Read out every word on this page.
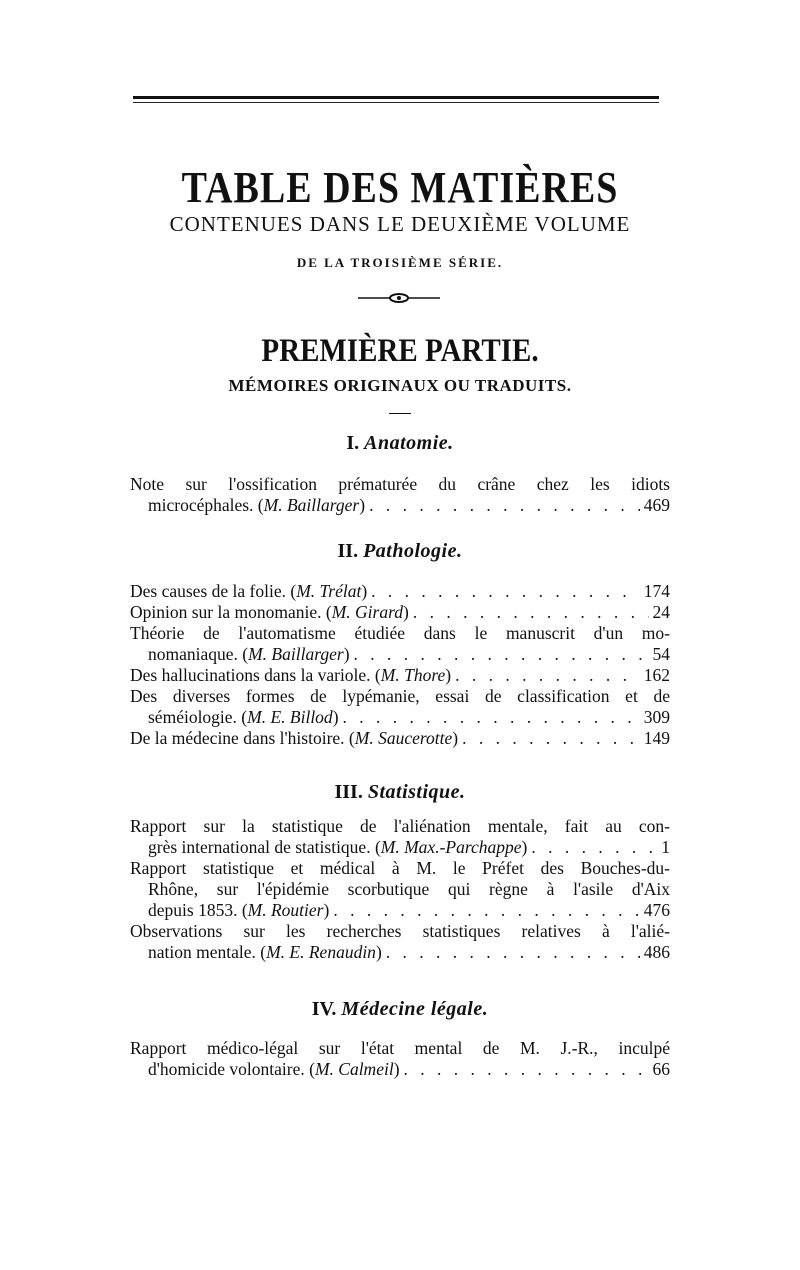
TABLE DES MATIÈRES
CONTENUES DANS LE DEUXIÈME VOLUME
DE LA TROISIÈME SÉRIE.
PREMIÈRE PARTIE.
MÉMOIRES ORIGINAUX OU TRADUITS.
I. Anatomie.
Note sur l'ossification prématurée du crâne chez les idiots
microcéphales. (M. Baillarger) . . .	469
II. Pathologie.
Des causes de la folie. (M. Trélat) . . .	174
Opinion sur la monomanie. (M. Girard) . . .	24
Théorie de l'automatisme étudiée dans le manuscrit d'un mo-
nomaniaque. (M. Baillarger) . . .	54
Des hallucinations dans la variole. (M. Thore) . . .	162
Des diverses formes de lypémanie, essai de classification et de
séméiologie. (M. E. Billod) . . .	309
De la médecine dans l'histoire. (M. Saucerotte) . . .	149
III. Statistique.
Rapport sur la statistique de l'aliénation mentale, fait au con-
grès international de statistique. (M. Max.-Parchappe) . . .	1
Rapport statistique et médical à M. le Préfet des Bouches-du-
Rhône, sur l'épidémie scorbutique qui règne à l'asile d'Aix
depuis 1853. (M. Routier) . . .	476
Observations sur les recherches statistiques relatives à l'alié-
nation mentale. (M. E. Renaudin) . . .	486
IV. Médecine légale.
Rapport médico-légal sur l'état mental de M. J.-R., inculpé
d'homicide volontaire. (M. Calmeil) . . .	66
